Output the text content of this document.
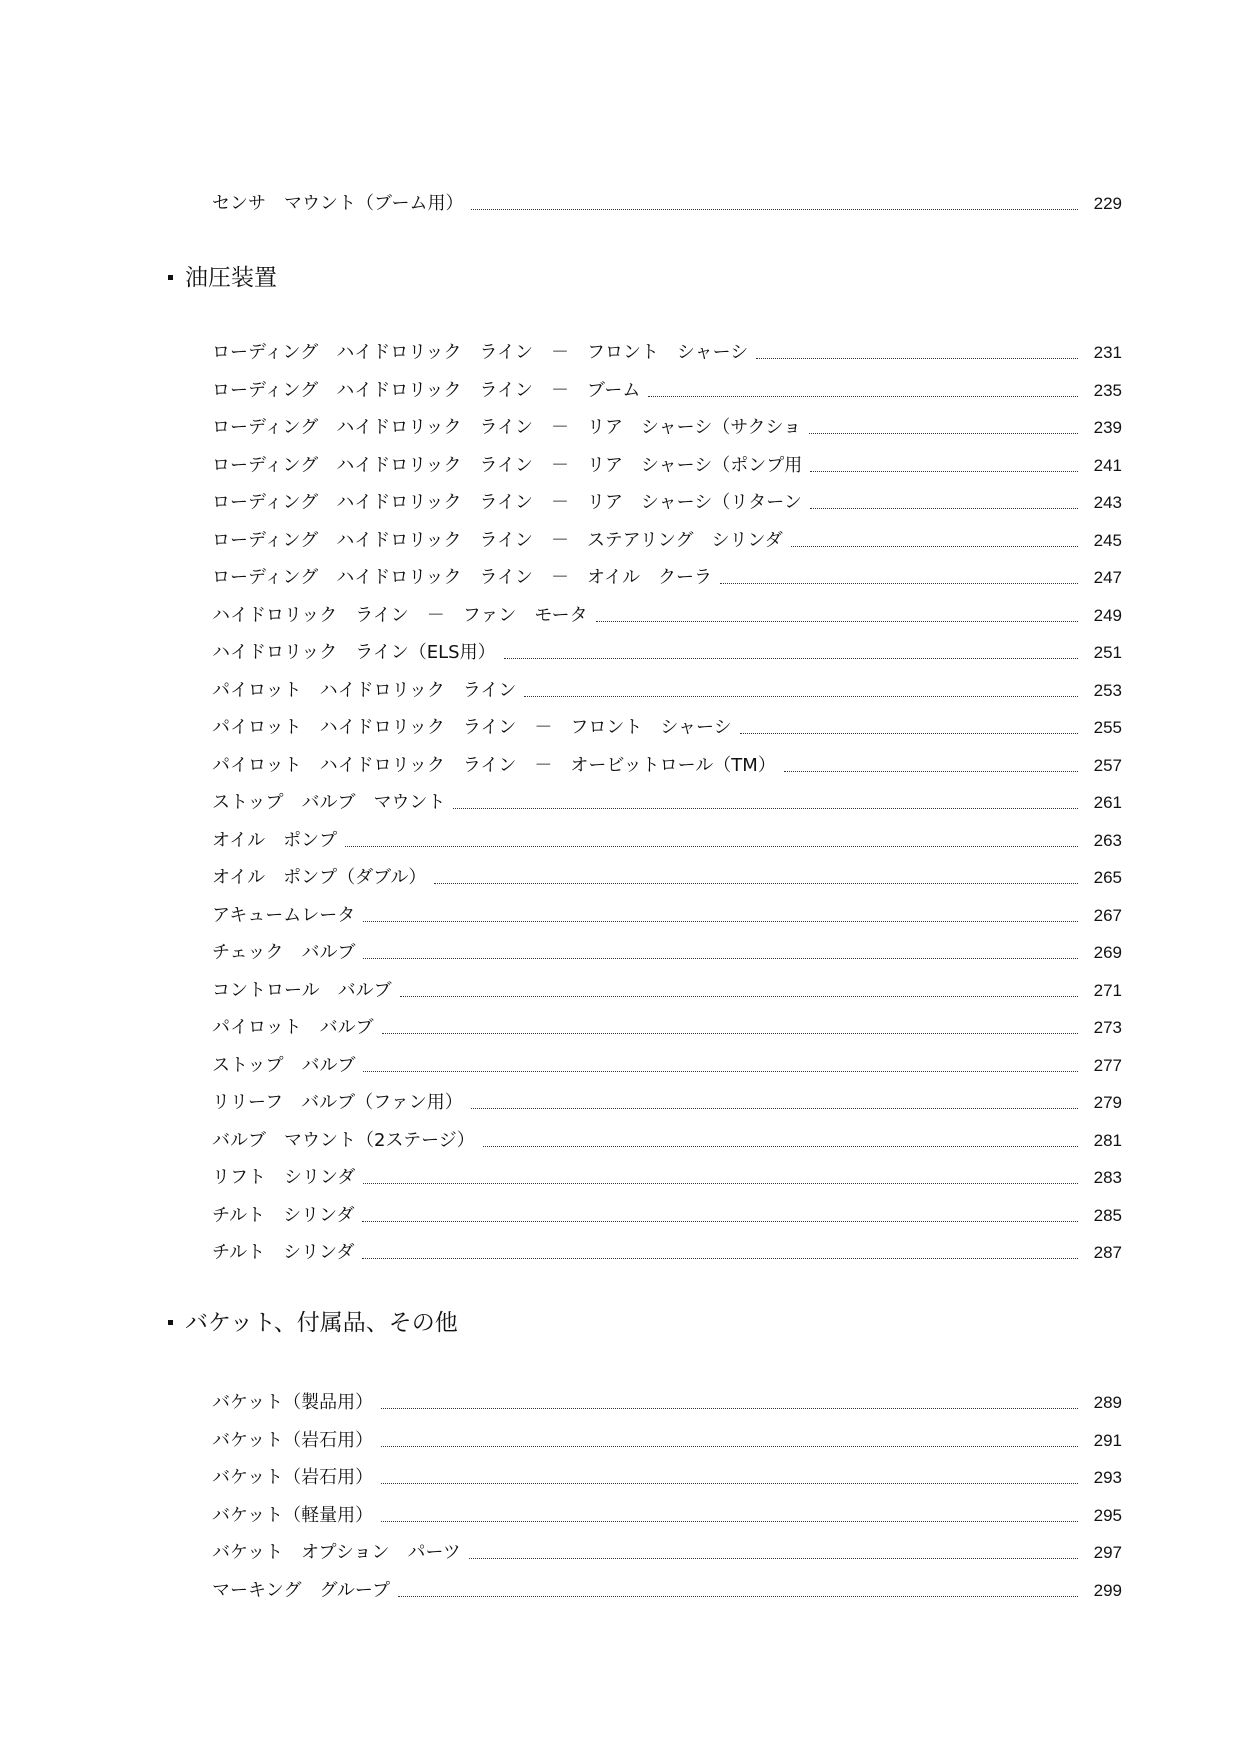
センサ　マウント（ブーム用）	229
油圧装置
ローディング　ハイドロリック　ライン　－　フロント　シャーシ	231
ローディング　ハイドロリック　ライン　－　ブーム	235
ローディング　ハイドロリック　ライン　－　リア　シャーシ（サクショ	239
ローディング　ハイドロリック　ライン　－　リア　シャーシ（ポンプ用	241
ローディング　ハイドロリック　ライン　－　リア　シャーシ（リターン	243
ローディング　ハイドロリック　ライン　－　ステアリング　シリンダ	245
ローディング　ハイドロリック　ライン　－　オイル　クーラ	247
ハイドロリック　ライン　－　ファン　モータ	249
ハイドロリック　ライン（ELS用）	251
パイロット　ハイドロリック　ライン	253
パイロット　ハイドロリック　ライン　－　フロント　シャーシ	255
パイロット　ハイドロリック　ライン　－　オービットロール（TM）	257
ストップ　バルブ　マウント	261
オイル　ポンプ	263
オイル　ポンプ（ダブル）	265
アキュームレータ	267
チェック　バルブ	269
コントロール　バルブ	271
パイロット　バルブ	273
ストップ　バルブ	277
リリーフ　バルブ（ファン用）	279
バルブ　マウント（2ステージ）	281
リフト　シリンダ	283
チルト　シリンダ	285
チルト　シリンダ	287
バケット、付属品、その他
バケット（製品用）	289
バケット（岩石用）	291
バケット（岩石用）	293
バケット（軽量用）	295
バケット　オプション　パーツ	297
マーキング　グループ	299
